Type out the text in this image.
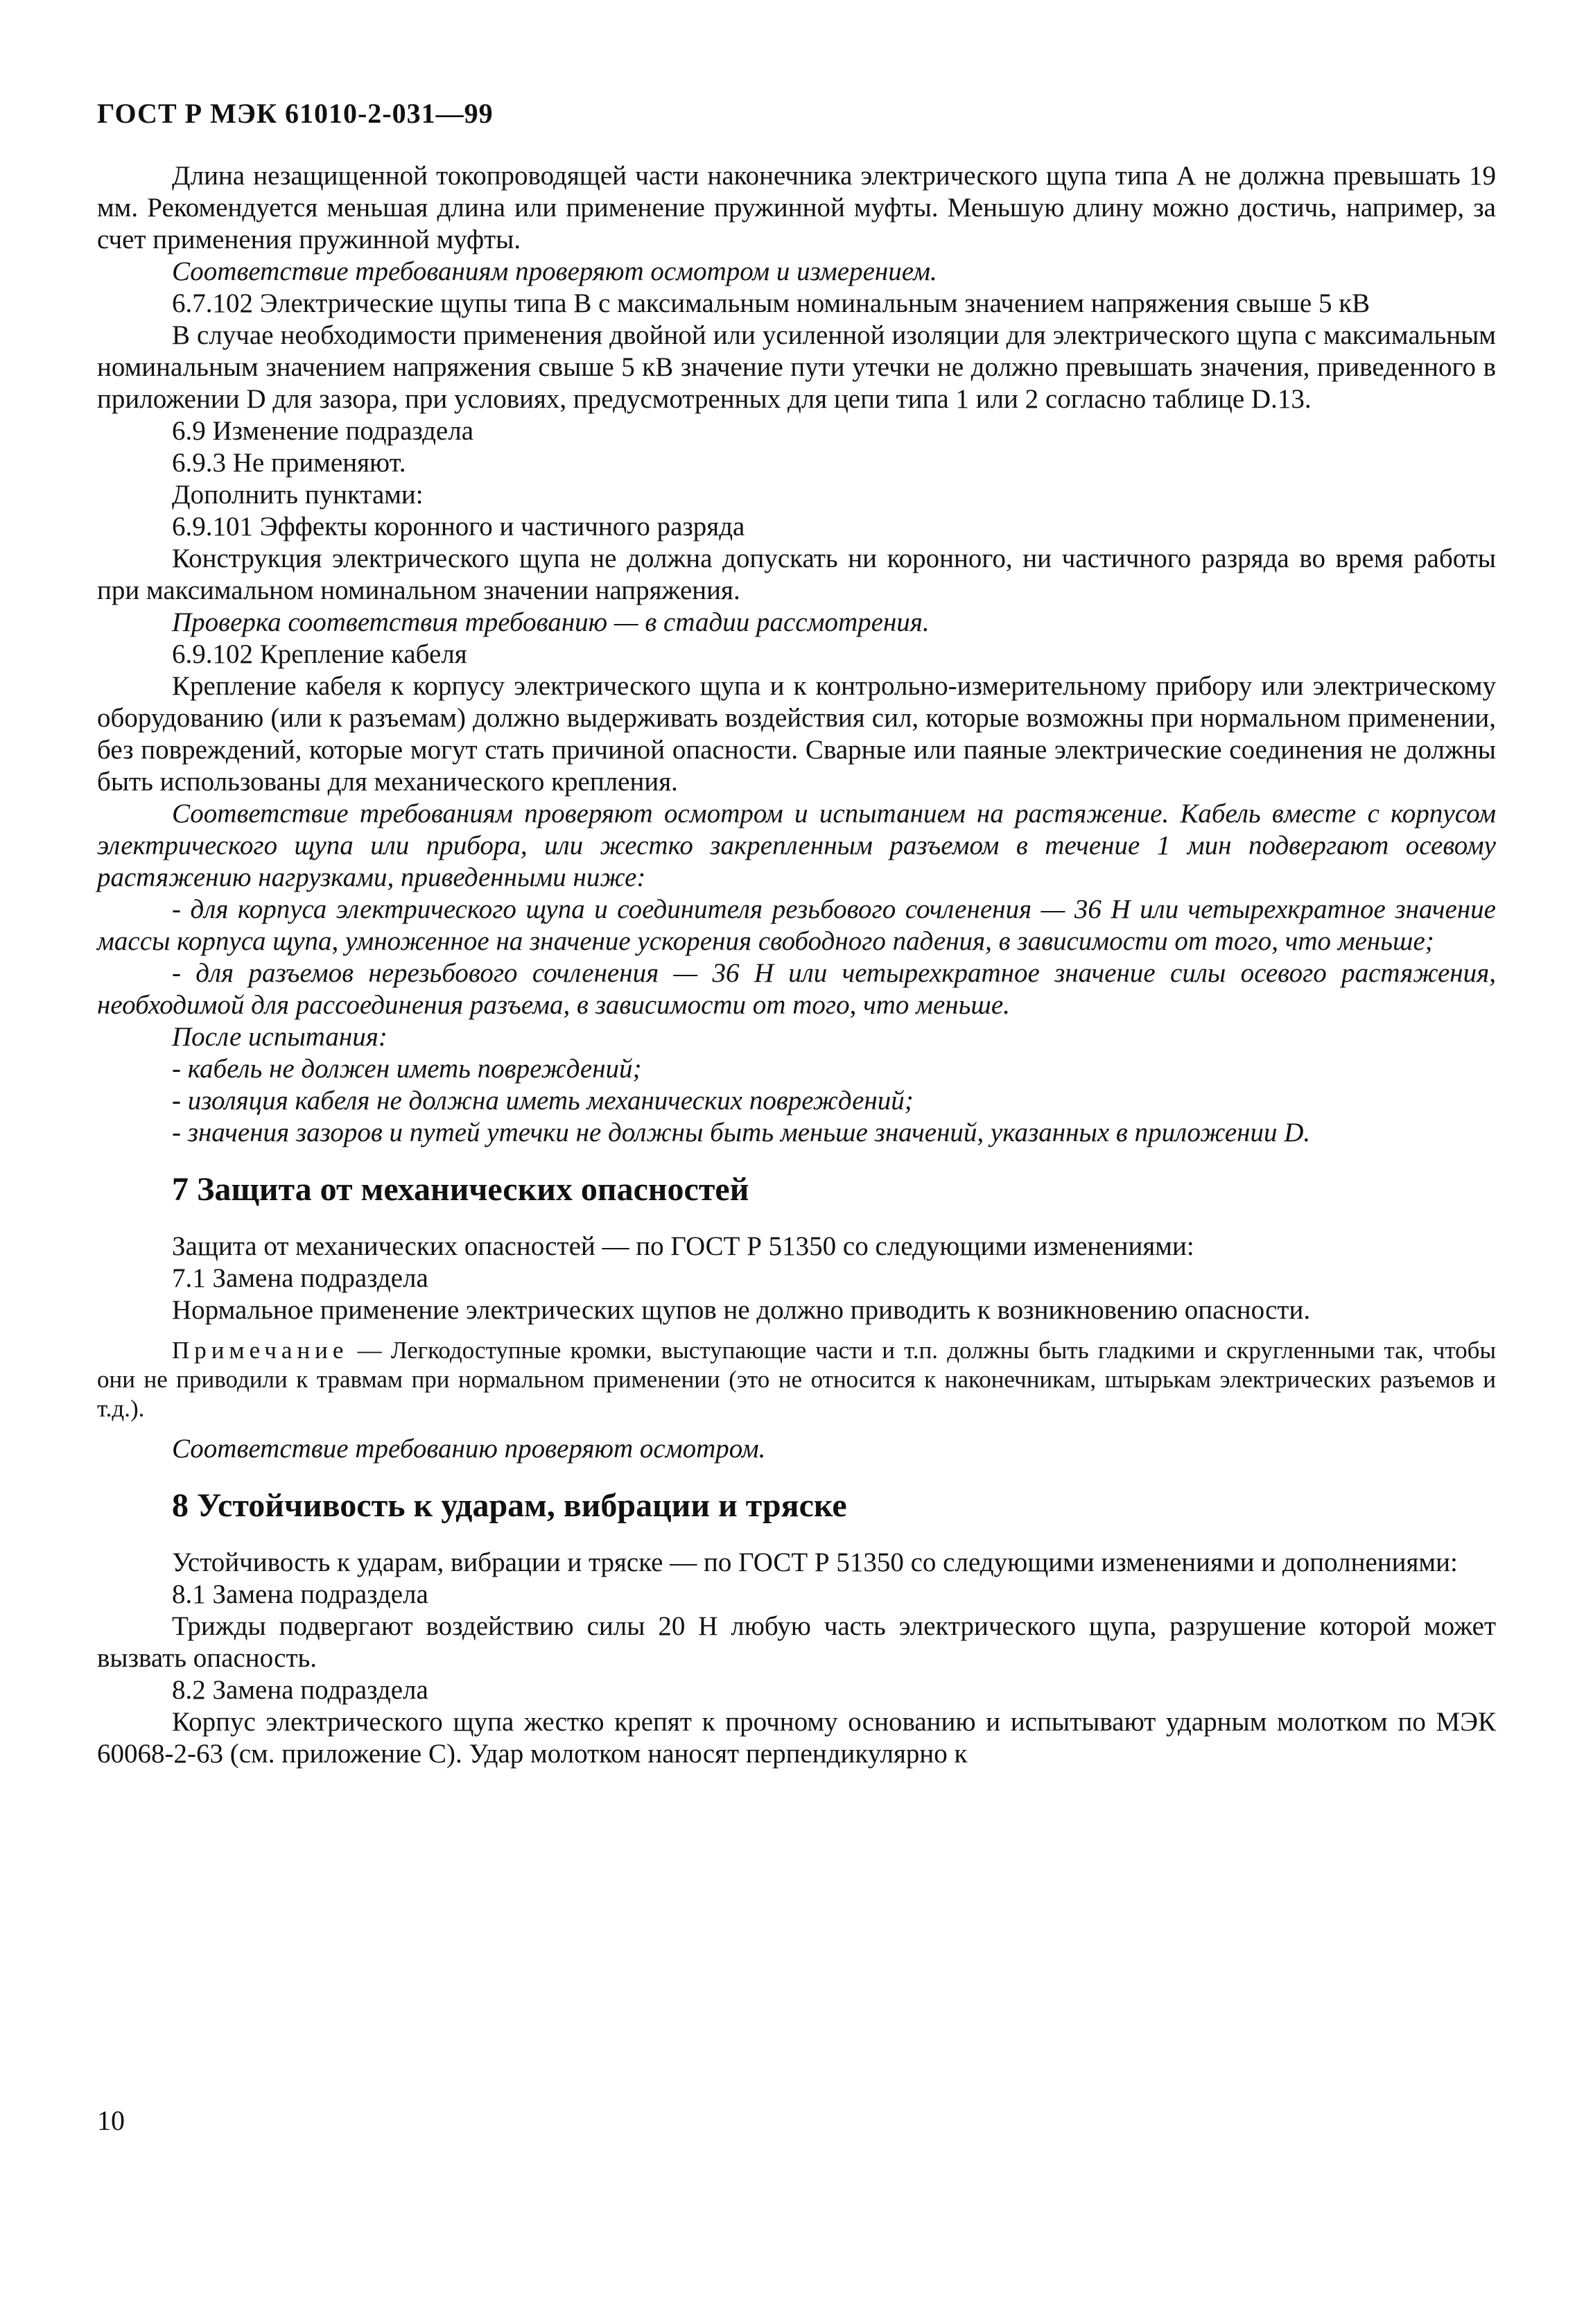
ГОСТ Р МЭК 61010-2-031—99

Длина незащищенной токопроводящей части наконечника электрического щупа типа А не должна превышать 19 мм. Рекомендуется меньшая длина или применение пружинной муфты. Меньшую длину можно достичь, например, за счет применения пружинной муфты.

Соответствие требованиям проверяют осмотром и измерением.

6.7.102 Электрические щупы типа В с максимальным номинальным значением напряжения свыше 5 кВ

В случае необходимости применения двойной или усиленной изоляции для электрического щупа с максимальным номинальным значением напряжения свыше 5 кВ значение пути утечки не должно превышать значения, приведенного в приложении D для зазора, при условиях, предусмотренных для цепи типа 1 или 2 согласно таблице D.13.

6.9 Изменение подраздела

6.9.3 Не применяют.

Дополнить пунктами:

6.9.101 Эффекты коронного и частичного разряда

Конструкция электрического щупа не должна допускать ни коронного, ни частичного разряда во время работы при максимальном номинальном значении напряжения.

Проверка соответствия требованию — в стадии рассмотрения.

6.9.102 Крепление кабеля

Крепление кабеля к корпусу электрического щупа и к контрольно-измерительному прибору или электрическому оборудованию (или к разъемам) должно выдерживать воздействия сил, которые возможны при нормальном применении, без повреждений, которые могут стать причиной опасности. Сварные или паяные электрические соединения не должны быть использованы для механического крепления.

Соответствие требованиям проверяют осмотром и испытанием на растяжение. Кабель вместе с корпусом электрического щупа или прибора, или жестко закрепленным разъемом в течение 1 мин подвергают осевому растяжению нагрузками, приведенными ниже:

- для корпуса электрического щупа и соединителя резьбового сочленения — 36 Н или четырехкратное значение массы корпуса щупа, умноженное на значение ускорения свободного падения, в зависимости от того, что меньше;

- для разъемов нерезьбового сочленения — 36 Н или четырехкратное значение силы осевого растяжения, необходимой для рассоединения разъема, в зависимости от того, что меньше.

После испытания:

- кабель не должен иметь повреждений;

- изоляция кабеля не должна иметь механических повреждений;

- значения зазоров и путей утечки не должны быть меньше значений, указанных в приложении D.

7 Защита от механических опасностей

Защита от механических опасностей — по ГОСТ Р 51350 со следующими изменениями:

7.1 Замена подраздела

Нормальное применение электрических щупов не должно приводить к возникновению опасности.

Примечание — Легкодоступные кромки, выступающие части и т.п. должны быть гладкими и скругленными так, чтобы они не приводили к травмам при нормальном применении (это не относится к наконечникам, штырькам электрических разъемов и т.д.).

Соответствие требованию проверяют осмотром.

8 Устойчивость к ударам, вибрации и тряске

Устойчивость к ударам, вибрации и тряске — по ГОСТ Р 51350 со следующими изменениями и дополнениями:

8.1 Замена подраздела

Трижды подвергают воздействию силы 20 Н любую часть электрического щупа, разрушение которой может вызвать опасность.

8.2 Замена подраздела

Корпус электрического щупа жестко крепят к прочному основанию и испытывают ударным молотком по МЭК 60068-2-63 (см. приложение С). Удар молотком наносят перпендикулярно к

10
